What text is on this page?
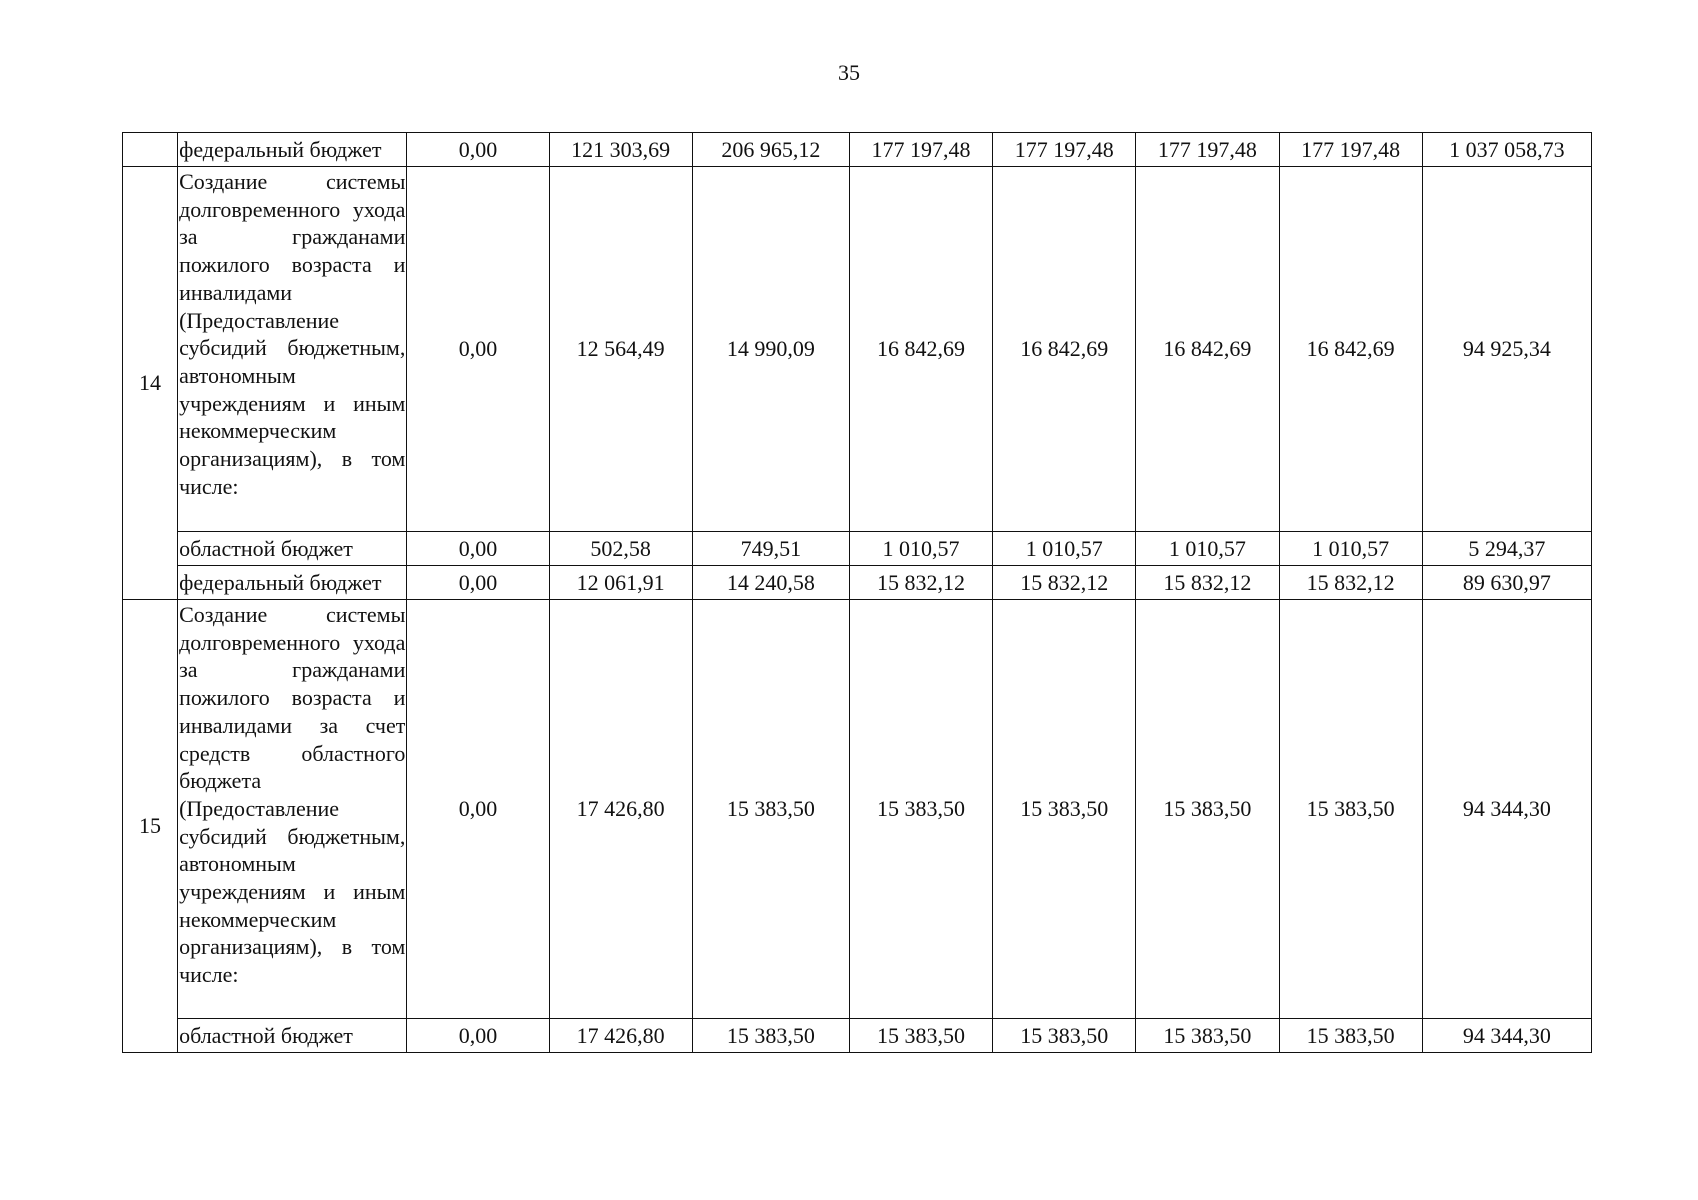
35
	федеральный бюджет	0,00	121 303,69	206 965,12	177 197,48	177 197,48	177 197,48	177 197,48	1 037 058,73
14	Создание системы долговременного ухода за гражданами пожилого возраста и инвалидами (Предоставление субсидий бюджетным, автономным учреждениям и иным некоммерческим организациям), в том числе:	0,00	12 564,49	14 990,09	16 842,69	16 842,69	16 842,69	16 842,69	94 925,34
	областной бюджет	0,00	502,58	749,51	1 010,57	1 010,57	1 010,57	1 010,57	5 294,37
	федеральный бюджет	0,00	12 061,91	14 240,58	15 832,12	15 832,12	15 832,12	15 832,12	89 630,97
15	Создание системы долговременного ухода за гражданами пожилого возраста и инвалидами за счет средств областного бюджета (Предоставление субсидий бюджетным, автономным учреждениям и иным некоммерческим организациям), в том числе:	0,00	17 426,80	15 383,50	15 383,50	15 383,50	15 383,50	15 383,50	94 344,30
	областной бюджет	0,00	17 426,80	15 383,50	15 383,50	15 383,50	15 383,50	15 383,50	94 344,30
